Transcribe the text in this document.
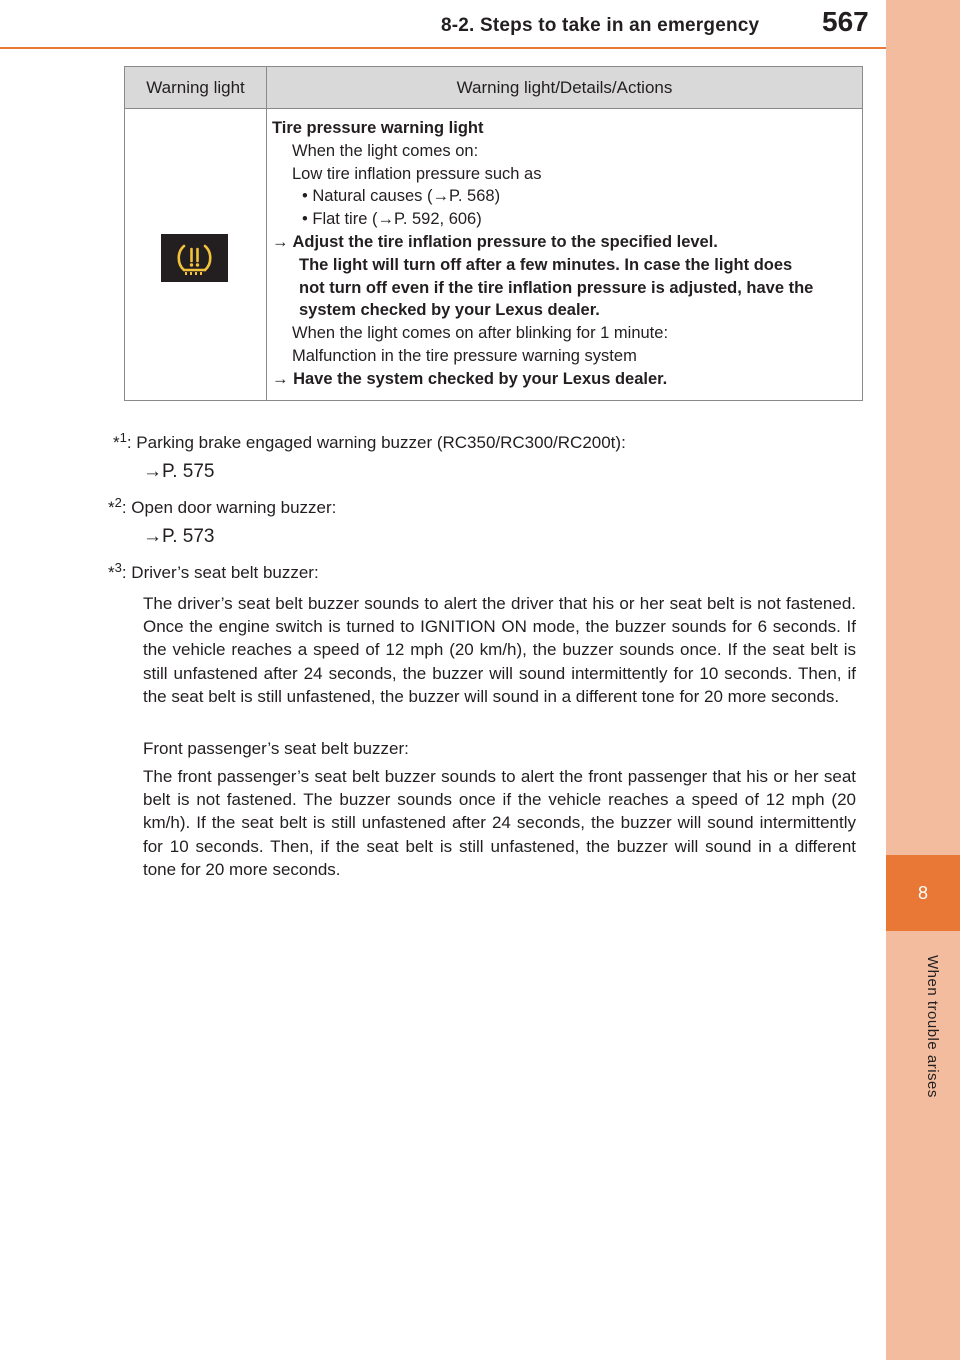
8
When trouble arises
8-2. Steps to take in an emergency 567
Warning light	Warning light/Details/Actions
Tire pressure warning light
When the light comes on:
Low tire inflation pressure such as
• Natural causes (→P. 568)
• Flat tire (→P. 592, 606)
→ Adjust the tire inflation pressure to the specified level.
The light will turn off after a few minutes. In case the light does
not turn off even if the tire inflation pressure is adjusted, have the
system checked by your Lexus dealer.
When the light comes on after blinking for 1 minute:
Malfunction in the tire pressure warning system
→ Have the system checked by your Lexus dealer.
*$^1$: Parking brake engaged warning buzzer (RC350/RC300/RC200t):
→P. 575
*$^2$: Open door warning buzzer:
→P. 573
*$^3$: Driver’s seat belt buzzer:
The driver’s seat belt buzzer sounds to alert the driver that his or her seat belt is not fastened. Once the engine switch is turned to IGNITION ON mode, the buzzer sounds for 6 seconds. If the vehicle reaches a speed of 12 mph (20 km/h), the buzzer sounds once. If the seat belt is still unfastened after 24 seconds, the buzzer will sound intermittently for 10 seconds. Then, if the seat belt is still unfastened, the buzzer will sound in a different tone for 20 more seconds.
Front passenger’s seat belt buzzer:
The front passenger’s seat belt buzzer sounds to alert the front passenger that his or her seat belt is not fastened. The buzzer sounds once if the vehicle reaches a speed of 12 mph (20 km/h). If the seat belt is still unfastened after 24 seconds, the buzzer will sound intermittently for 10 seconds. Then, if the seat belt is still unfastened, the buzzer will sound in a different tone for 20 more seconds.
